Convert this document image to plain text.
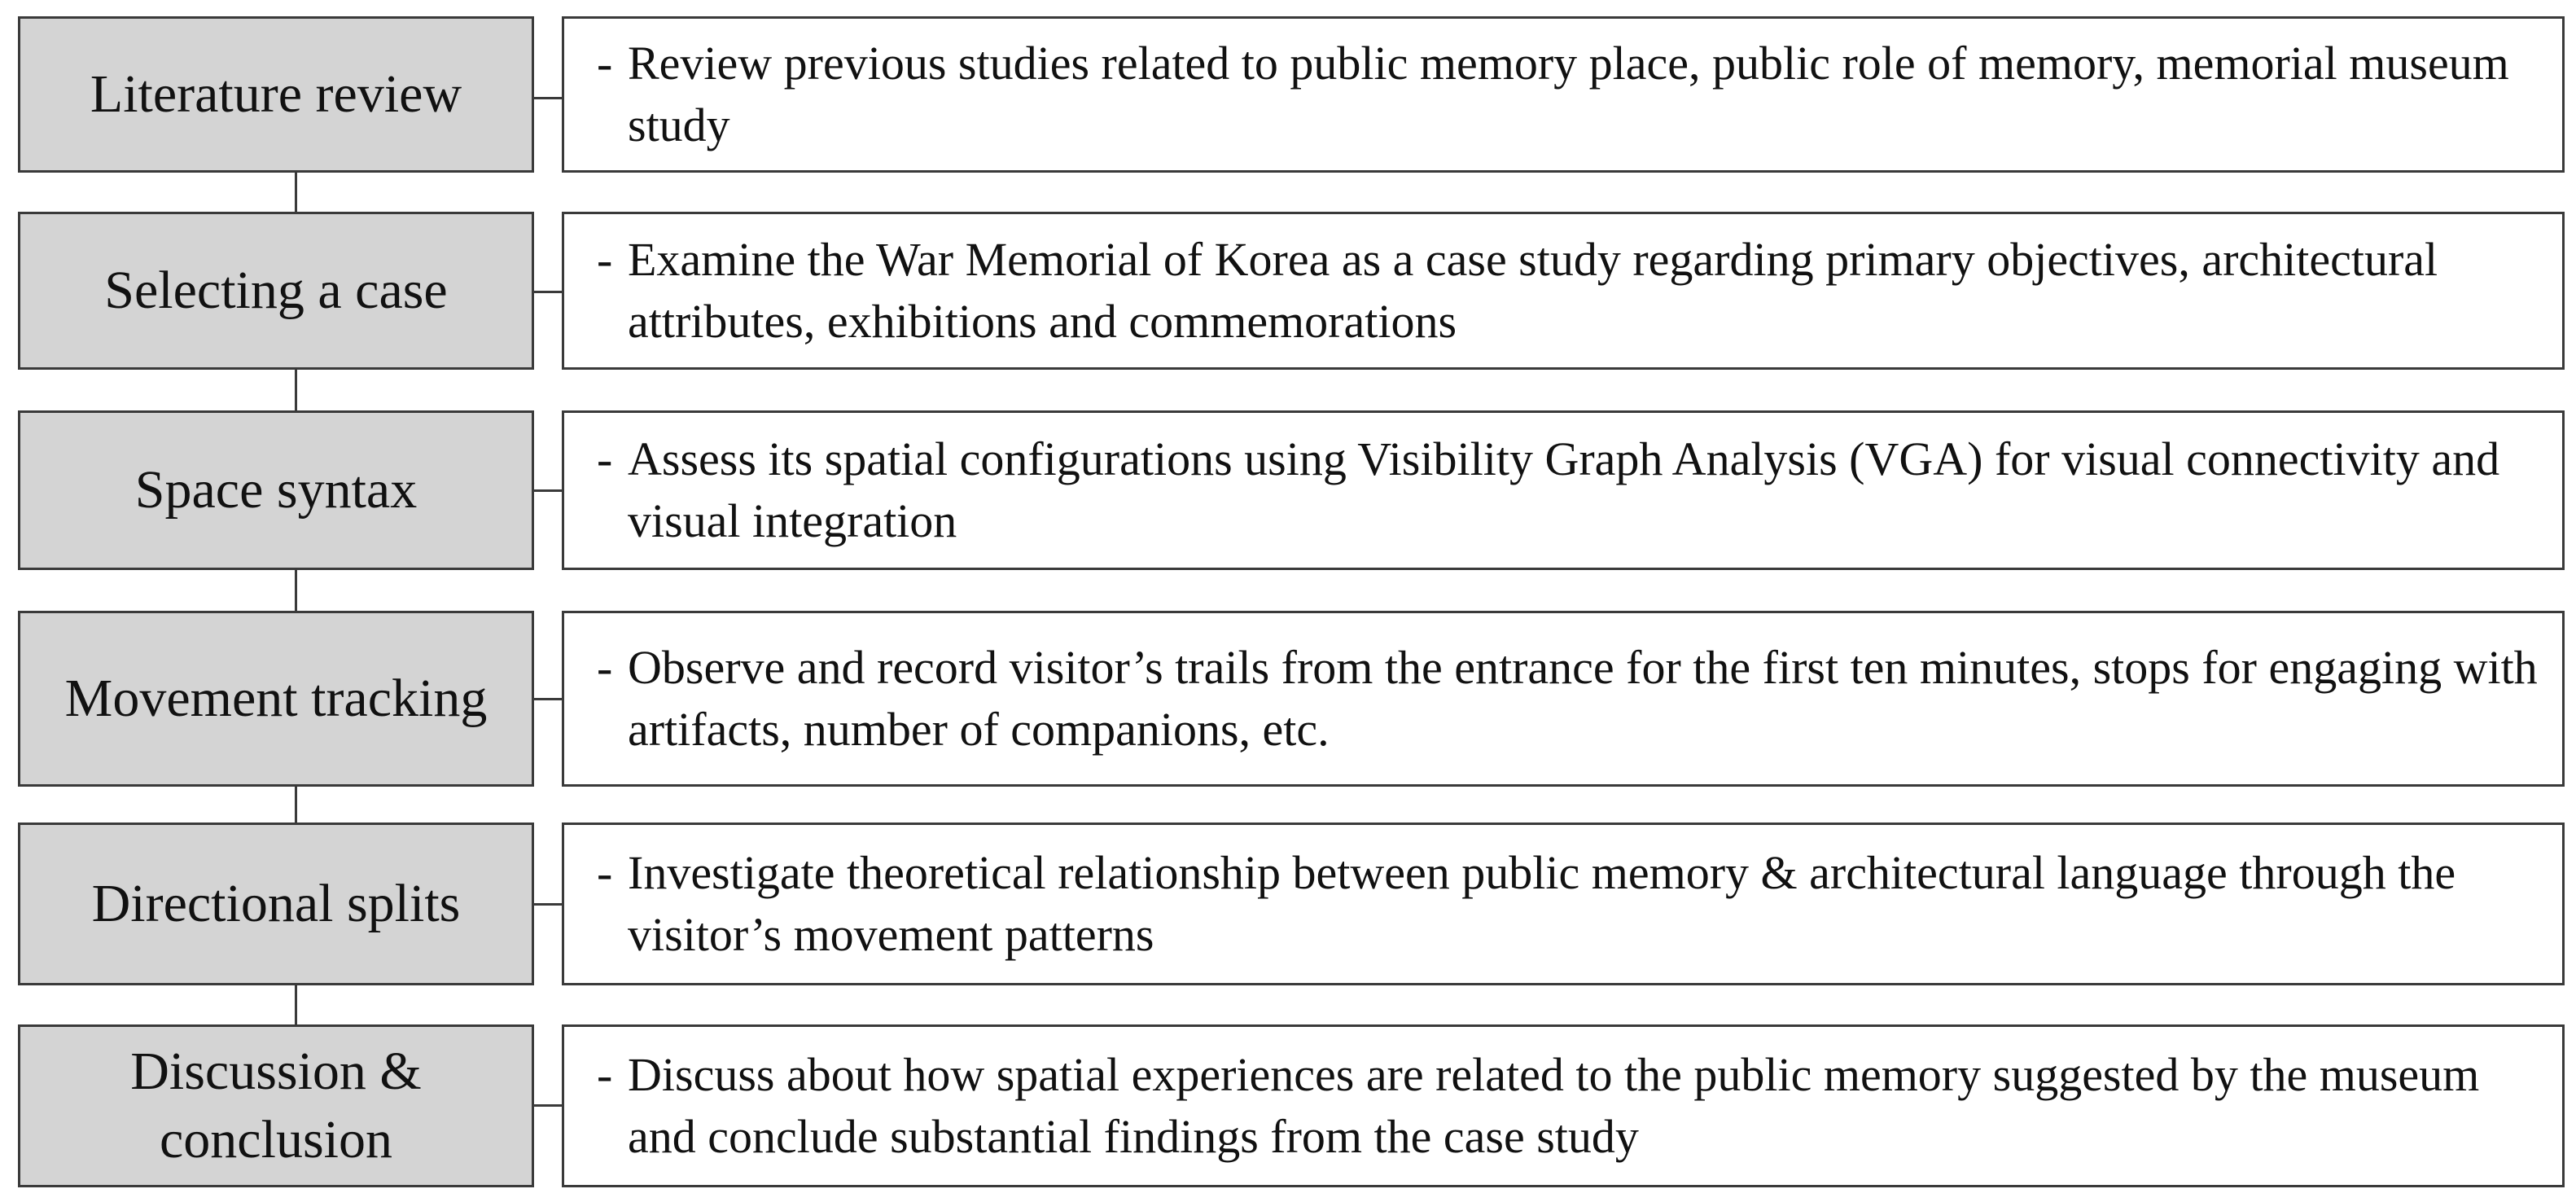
Literature review
- Review previous studies related to public memory place, public role of memory, memorial museum study
Selecting a case
- Examine the War Memorial of Korea as a case study regarding primary objectives, architectural attributes, exhibitions and commemorations
Space syntax
- Assess its spatial configurations using Visibility Graph Analysis (VGA) for visual connectivity and visual integration
Movement tracking
- Observe and record visitor’s trails from the entrance for the first ten minutes, stops for engaging with artifacts, number of companions, etc.
Directional splits
- Investigate theoretical relationship between public memory & architectural language through the visitor’s movement patterns
Discussion &
conclusion
- Discuss about how spatial experiences are related to the public memory suggested by the museum and conclude substantial findings from the case study
